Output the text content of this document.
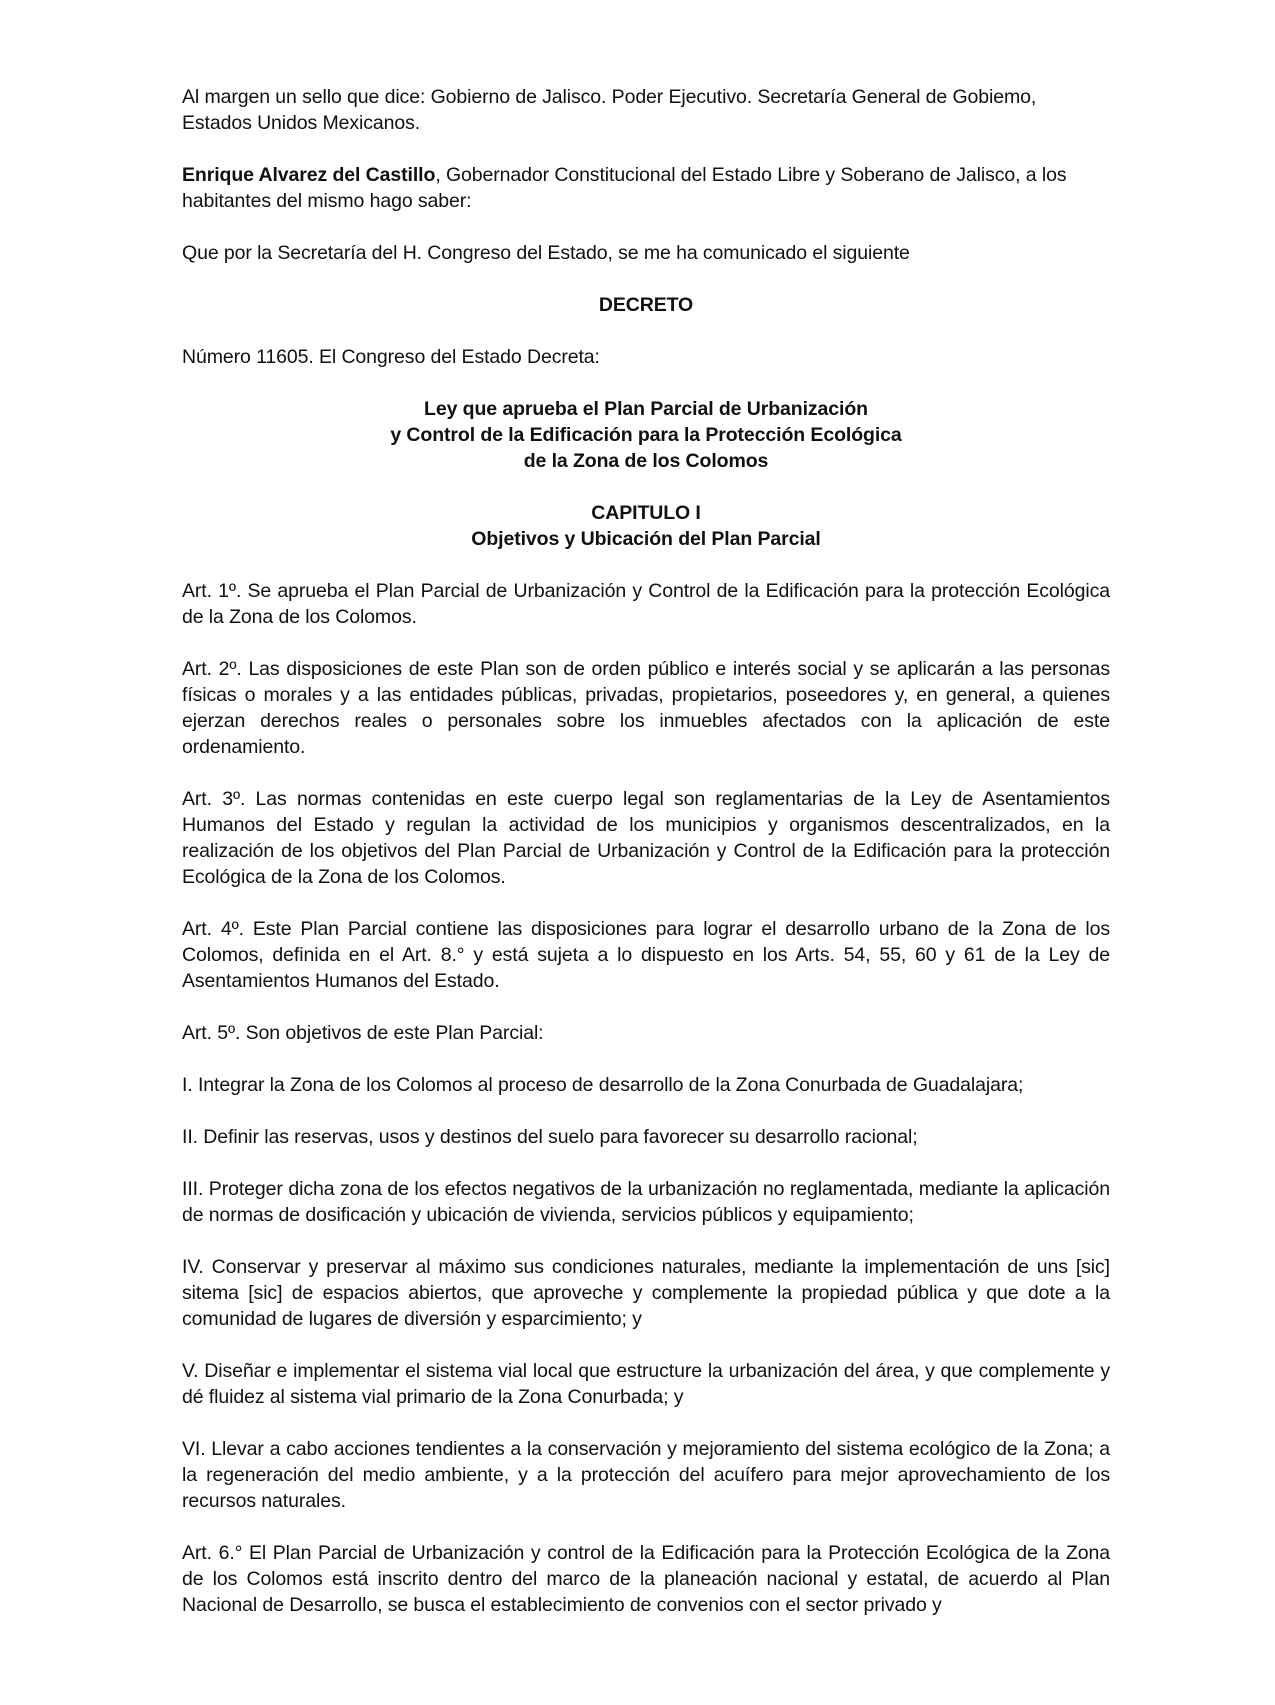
Al margen un sello que dice: Gobierno de Jalisco. Poder Ejecutivo. Secretaría General de Gobiemo, Estados Unidos Mexicanos.

Enrique Alvarez del Castillo, Gobernador Constitucional del Estado Libre y Soberano de Jalisco, a los habitantes del mismo hago saber:

Que por la Secretaría del H. Congreso del Estado, se me ha comunicado el siguiente

DECRETO

Número 11605. El Congreso del Estado Decreta:

Ley que aprueba el Plan Parcial de Urbanización
y Control de la Edificación para la Protección Ecológica
de la Zona de los Colomos
CAPITULO I
Objetivos y Ubicación del Plan Parcial

Art. 1º. Se aprueba el Plan Parcial de Urbanización y Control de la Edificación para la protección Ecológica de la Zona de los Colomos.

Art. 2º. Las disposiciones de este Plan son de orden público e interés social y se aplicarán a las personas físicas o morales y a las entidades públicas, privadas, propietarios, poseedores y, en general, a quienes ejerzan derechos reales o personales sobre los inmuebles afectados con la aplicación de este ordenamiento.

Art. 3º. Las normas contenidas en este cuerpo legal son reglamentarias de la Ley de Asentamientos Humanos del Estado y regulan la actividad de los municipios y organismos descentralizados, en la realización de los objetivos del Plan Parcial de Urbanización y Control de la Edificación para la protección Ecológica de la Zona de los Colomos.

Art. 4º. Este Plan Parcial contiene las disposiciones para lograr el desarrollo urbano de la Zona de los Colomos, definida en el Art. 8.° y está sujeta a lo dispuesto en los Arts. 54, 55, 60 y 61 de la Ley de Asentamientos Humanos del Estado.

Art. 5º. Son objetivos de este Plan Parcial:

I. Integrar la Zona de los Colomos al proceso de desarrollo de la Zona Conurbada de Guadalajara;

II. Definir las reservas, usos y destinos del suelo para favorecer su desarrollo racional;

III. Proteger dicha zona de los efectos negativos de la urbanización no reglamentada, mediante la aplicación de normas de dosificación y ubicación de vivienda, servicios públicos y equipamiento;

IV. Conservar y preservar al máximo sus condiciones naturales, mediante la implementación de uns [sic] sitema [sic] de espacios abiertos, que aproveche y complemente la propiedad pública y que dote a la comunidad de lugares de diversión y esparcimiento; y

V. Diseñar e implementar el sistema vial local que estructure la urbanización del área, y que complemente y dé fluidez al sistema vial primario de la Zona Conurbada; y

VI. Llevar a cabo acciones tendientes a la conservación y mejoramiento del sistema ecológico de la Zona; a la regeneración del medio ambiente, y a la protección del acuífero para mejor aprovechamiento de los recursos naturales.

Art. 6.° El Plan Parcial de Urbanización y control de la Edificación para la Protección Ecológica de la Zona de los Colomos está inscrito dentro del marco de la planeación nacional y estatal, de acuerdo al Plan Nacional de Desarrollo, se busca el establecimiento de convenios con el sector privado y
